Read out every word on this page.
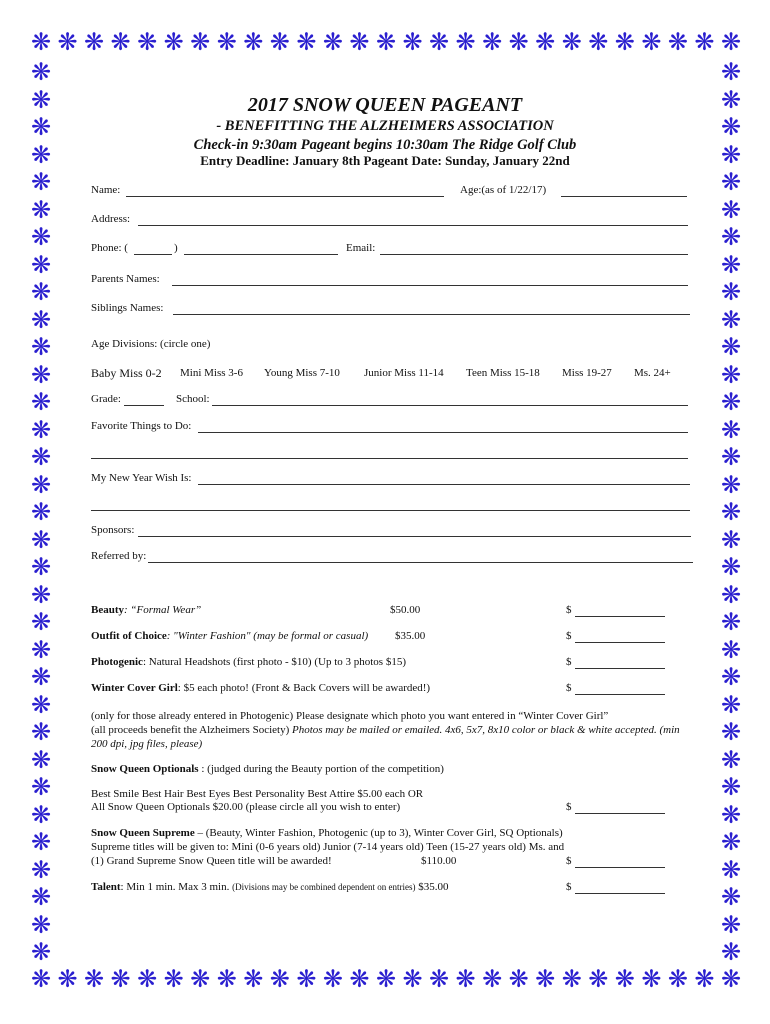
❋
❋
❋
❋
❋
❋
❋
❋
❋
❋
❋
❋
❋
❋
❋
❋
❋
❋
❋
❋
❋
❋
❋
❋
❋
❋
❋
❋
❋
❋
❋
❋
❋
❋
❋
❋
❋
❋
❋
❋
❋
❋
❋
❋
❋
❋
❋
❋
❋
❋
❋
❋
❋
❋
❋	❋
❋	❋
❋	❋
❋	❋
❋	❋
❋	❋
❋	❋
❋	❋
❋	❋
❋	❋
❋	❋
❋	❋
❋	❋
❋	❋
❋	❋
❋	❋
❋	❋
❋	❋
❋	❋
❋	❋
❋	❋
❋	❋
❋	❋
❋	❋
❋	❋
❋	❋
❋	❋
❋	❋
❋	❋
❋	❋
❋	❋
❋	❋
❋	❋
2017 SNOW QUEEN PAGEANT
- BENEFITTING THE ALZHEIMERS ASSOCIATION
Check-in 9:30am Pageant begins 10:30am The Ridge Golf Club
Entry Deadline: January 8th Pageant Date: Sunday, January 22nd
Name:	Age:(as of 1/22/17)
Address:
Phone: (	)	Email:
Parents Names:
Siblings Names:
Age Divisions: (circle one)
Baby Miss 0-2 Mini Miss 3-6 Young Miss 7-10 Junior Miss 11-14 Teen Miss 15-18 Miss 19-27 Ms. 24+
Grade:	School:
Favorite Things to Do:
My New Year Wish Is:
Sponsors:
Referred by:
Beauty: “Formal Wear”	$50.00	$
Outfit of Choice: "Winter Fashion" (may be formal or casual) $35.00	$
Photogenic: Natural Headshots (first photo - $10) (Up to 3 photos $15)	$
Winter Cover Girl: $5 each photo! (Front & Back Covers will be awarded!)	$
(only for those already entered in Photogenic) Please designate which photo you want entered in “Winter Cover Girl”
(all proceeds benefit the Alzheimers Society) Photos may be mailed or emailed. 4x6, 5x7, 8x10 color or black & white accepted. (min
200 dpi, jpg files, please)
Snow Queen Optionals : (judged during the Beauty portion of the competition)
Best Smile Best Hair Best Eyes Best Personality Best Attire $5.00 each OR
All Snow Queen Optionals $20.00 (please circle all you wish to enter)	$
Snow Queen Supreme – (Beauty, Winter Fashion, Photogenic (up to 3), Winter Cover Girl, SQ Optionals)
Supreme titles will be given to: Mini (0-6 years old) Junior (7-14 years old) Teen (15-27 years old) Ms. and
(1) Grand Supreme Snow Queen title will be awarded!	$110.00	$
Talent: Min 1 min. Max 3 min. (Divisions may be combined dependent on entries) $35.00	$
